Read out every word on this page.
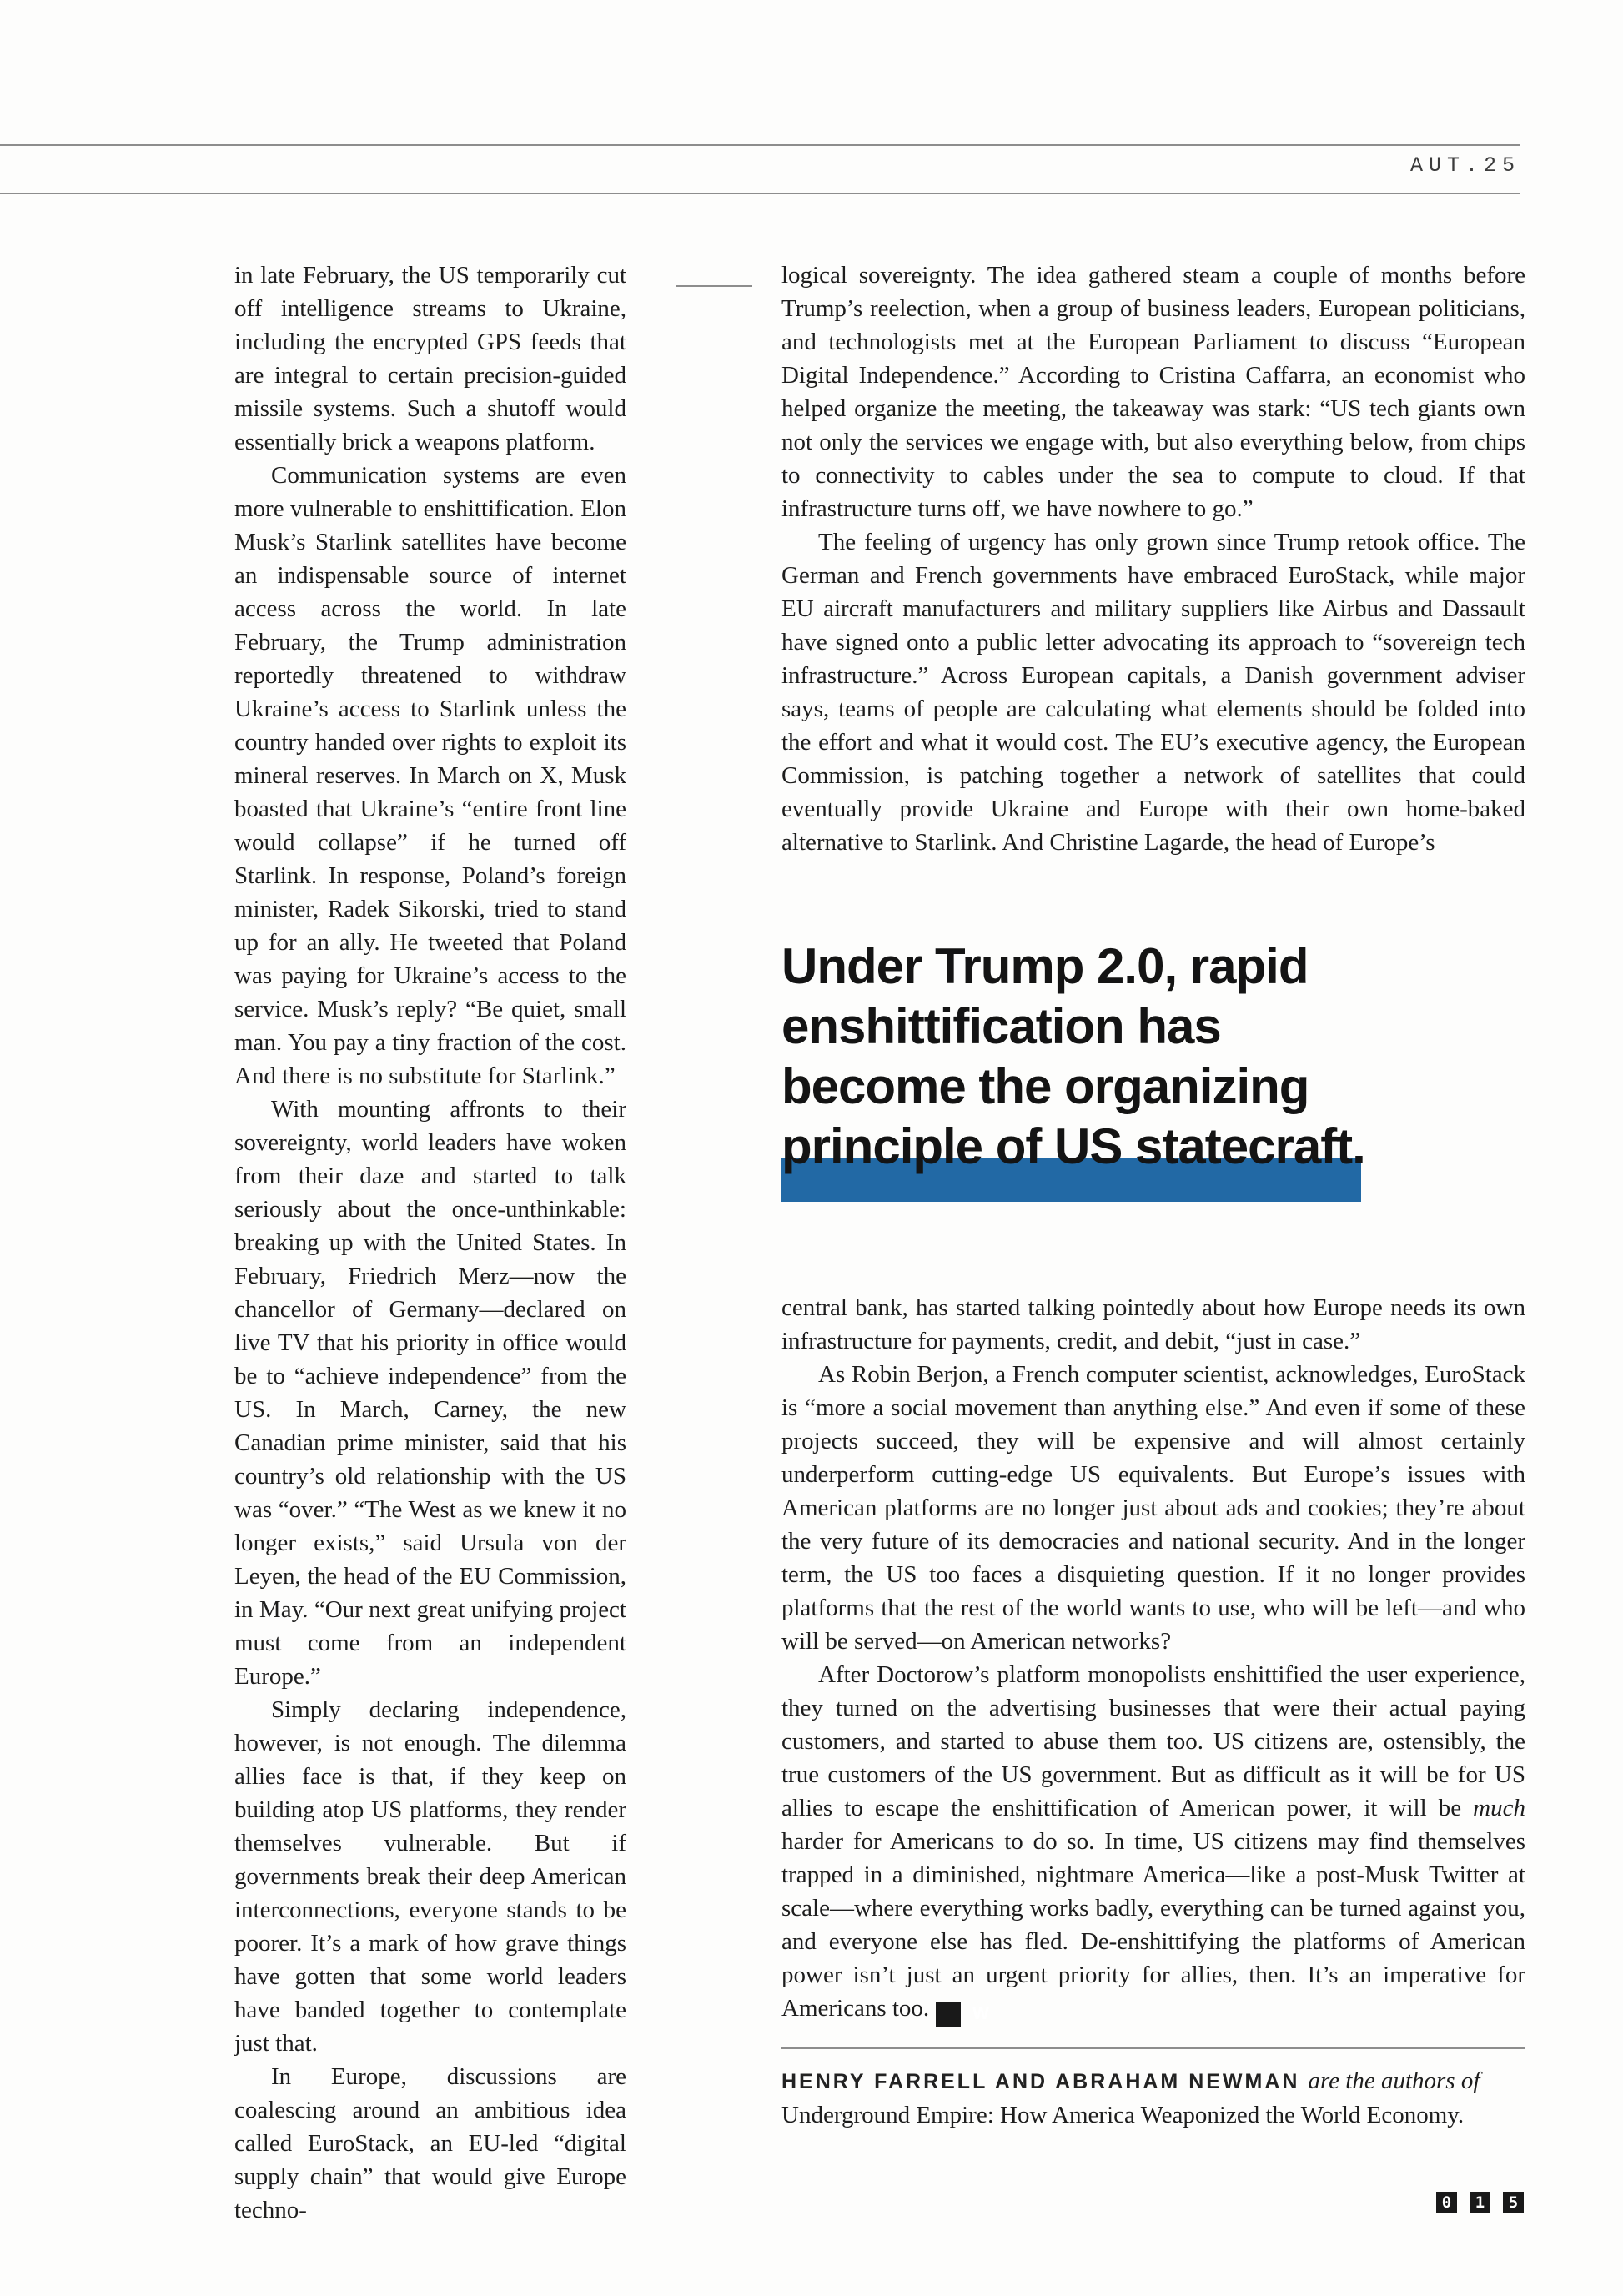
AUT.25

in late February, the US temporarily cut off intelligence streams to Ukraine, including the encrypted GPS feeds that are integral to certain precision-guided missile systems. Such a shutoff would essentially brick a weapons platform.

Communication systems are even more vulnerable to enshittification. Elon Musk’s Starlink satellites have become an indispensable source of internet access across the world. In late February, the Trump administration reportedly threatened to withdraw Ukraine’s access to Starlink unless the country handed over rights to exploit its mineral reserves. In March on X, Musk boasted that Ukraine’s “entire front line would collapse” if he turned off Starlink. In response, Poland’s foreign minister, Radek Sikorski, tried to stand up for an ally. He tweeted that Poland was paying for Ukraine’s access to the service. Musk’s reply? “Be quiet, small man. You pay a tiny fraction of the cost. And there is no substitute for Starlink.”

With mounting affronts to their sovereignty, world leaders have woken from their daze and started to talk seriously about the once-unthinkable: breaking up with the United States. In February, Friedrich Merz—now the chancellor of Germany—declared on live TV that his priority in office would be to “achieve independence” from the US. In March, Carney, the new Canadian prime minister, said that his country’s old relationship with the US was “over.” “The West as we knew it no longer exists,” said Ursula von der Leyen, the head of the EU Commission, in May. “Our next great unifying project must come from an independent Europe.”

Simply declaring independence, however, is not enough. The dilemma allies face is that, if they keep on building atop US platforms, they render themselves vulnerable. But if governments break their deep American interconnections, everyone stands to be poorer. It’s a mark of how grave things have gotten that some world leaders have banded together to contemplate just that.

In Europe, discussions are coalescing around an ambitious idea called EuroStack, an EU-led “digital supply chain” that would give Europe techno-

logical sovereignty. The idea gathered steam a couple of months before Trump’s reelection, when a group of business leaders, European politicians, and technologists met at the European Parliament to discuss “European Digital Independence.” According to Cristina Caffarra, an economist who helped organize the meeting, the takeaway was stark: “US tech giants own not only the services we engage with, but also everything below, from chips to connectivity to cables under the sea to compute to cloud. If that infrastructure turns off, we have nowhere to go.”

The feeling of urgency has only grown since Trump retook office. The German and French governments have embraced EuroStack, while major EU aircraft manufacturers and military suppliers like Airbus and Dassault have signed onto a public letter advocating its approach to “sovereign tech infrastructure.” Across European capitals, a Danish government adviser says, teams of people are calculating what elements should be folded into the effort and what it would cost. The EU’s executive agency, the European Commission, is patching together a network of satellites that could eventually provide Ukraine and Europe with their own home-baked alternative to Starlink. And Christine Lagarde, the head of Europe’s

Under Trump 2.0, rapid
enshittification has
become the organizing
principle of US statecraft.

central bank, has started talking pointedly about how Europe needs its own infrastructure for payments, credit, and debit, “just in case.”

As Robin Berjon, a French computer scientist, acknowledges, EuroStack is “more a social movement than anything else.” And even if some of these projects succeed, they will be expensive and will almost certainly underperform cutting-edge US equivalents. But Europe’s issues with American platforms are no longer just about ads and cookies; they’re about the very future of its democracies and national security. And in the longer term, the US too faces a disquieting question. If it no longer provides platforms that the rest of the world wants to use, who will be left—and who will be served—on American networks?

After Doctorow’s platform monopolists enshittified the user experience, they turned on the advertising businesses that were their actual paying customers, and started to abuse them too. US citizens are, ostensibly, the true customers of the US government. But as difficult as it will be for US allies to escape the enshittification of American power, it will be much harder for Americans to do so. In time, US citizens may find themselves trapped in a diminished, nightmare America—like a post-Musk Twitter at scale—where everything works badly, everything can be turned against you, and everyone else has fled. De-enshittifying the platforms of American power isn’t just an urgent priority for allies, then. It’s an imperative for Americans too. W

HENRY FARRELL AND ABRAHAM NEWMAN are the authors of
Underground Empire: How America Weaponized the World Economy.
0	1	5
